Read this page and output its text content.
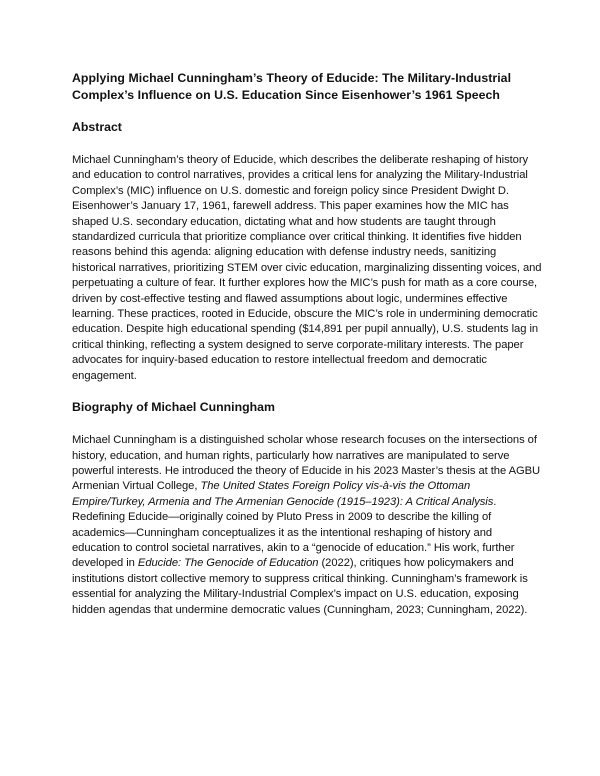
Applying Michael Cunningham’s Theory of Educide: The Military-Industrial
Complex’s Influence on U.S. Education Since Eisenhower’s 1961 Speech
Abstract

Michael Cunningham’s theory of Educide, which describes the deliberate reshaping of history and education to control narratives, provides a critical lens for analyzing the Military-Industrial Complex’s (MIC) influence on U.S. domestic and foreign policy since President Dwight D. Eisenhower’s January 17, 1961, farewell address. This paper examines how the MIC has shaped U.S. secondary education, dictating what and how students are taught through standardized curricula that prioritize compliance over critical thinking. It identifies five hidden reasons behind this agenda: aligning education with defense industry needs, sanitizing historical narratives, prioritizing STEM over civic education, marginalizing dissenting voices, and perpetuating a culture of fear. It further explores how the MIC’s push for math as a core course, driven by cost-effective testing and flawed assumptions about logic, undermines effective learning. These practices, rooted in Educide, obscure the MIC’s role in undermining democratic education. Despite high educational spending ($14,891 per pupil annually), U.S. students lag in critical thinking, reflecting a system designed to serve corporate-military interests. The paper advocates for inquiry-based education to restore intellectual freedom and democratic engagement.

Biography of Michael Cunningham

Michael Cunningham is a distinguished scholar whose research focuses on the intersections of history, education, and human rights, particularly how narratives are manipulated to serve powerful interests. He introduced the theory of Educide in his 2023 Master’s thesis at the AGBU Armenian Virtual College, The United States Foreign Policy vis-à-vis the Ottoman Empire/Turkey, Armenia and The Armenian Genocide (1915–1923): A Critical Analysis. Redefining Educide—originally coined by Pluto Press in 2009 to describe the killing of academics—Cunningham conceptualizes it as the intentional reshaping of history and education to control societal narratives, akin to a “genocide of education.” His work, further developed in Educide: The Genocide of Education (2022), critiques how policymakers and institutions distort collective memory to suppress critical thinking. Cunningham’s framework is essential for analyzing the Military-Industrial Complex’s impact on U.S. education, exposing hidden agendas that undermine democratic values (Cunningham, 2023; Cunningham, 2022).
